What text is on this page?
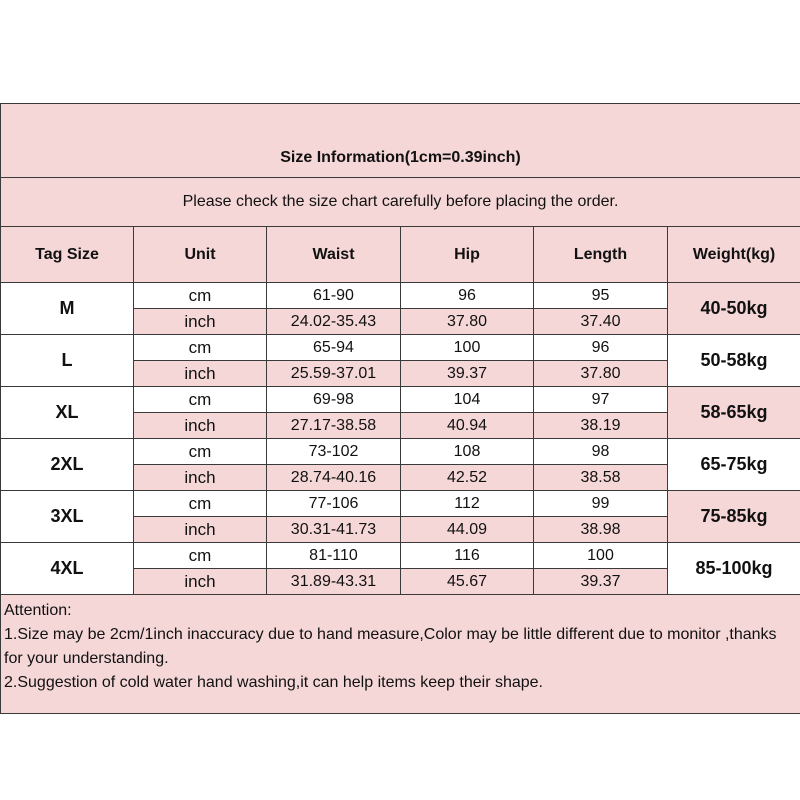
Size Information(1cm=0.39inch)					
Please check the size chart carefully before placing the order.					
Tag Size	Unit	Waist	Hip	Length	Weight(kg)
M	cm	61-90	96	95	40-50kg
	inch	24.02-35.43	37.80	37.40	
L	cm	65-94	100	96	50-58kg
	inch	25.59-37.01	39.37	37.80	
XL	cm	69-98	104	97	58-65kg
	inch	27.17-38.58	40.94	38.19	
2XL	cm	73-102	108	98	65-75kg
	inch	28.74-40.16	42.52	38.58	
3XL	cm	77-106	112	99	75-85kg
	inch	30.31-41.73	44.09	38.98	
4XL	cm	81-110	116	100	85-100kg
	inch	31.89-43.31	45.67	39.37	

Attention:
1.Size may be 2cm/1inch inaccuracy due to hand measure,Color may be little different due to monitor ,thanks for your understanding.
2.Suggestion of cold water hand washing,it can help items keep their shape.					
